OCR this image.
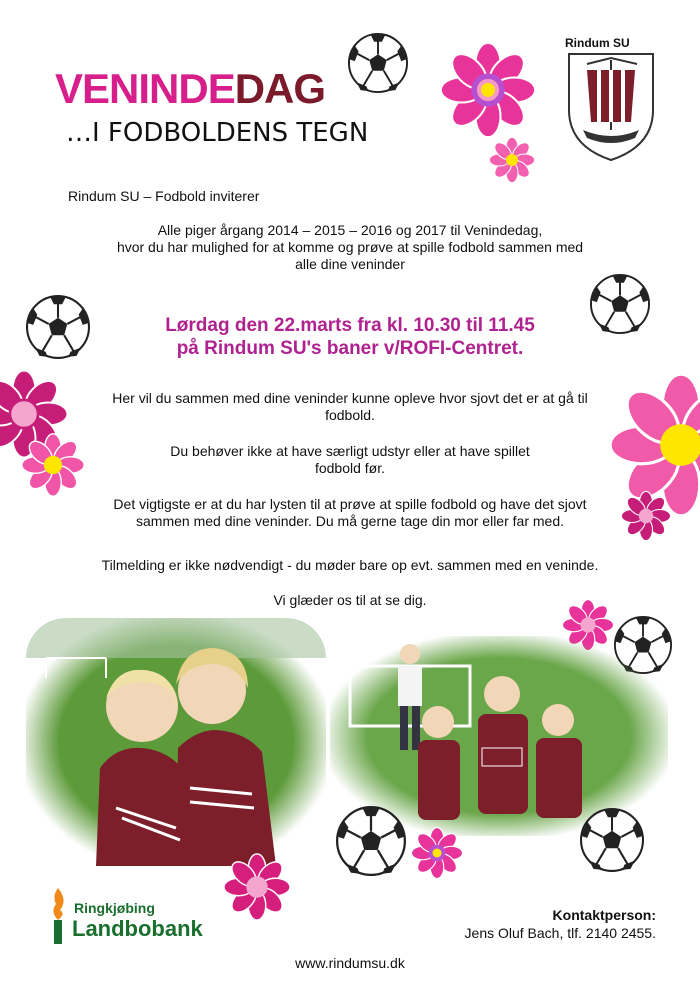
VENINDEDAG
…I FODBOLDENS TEGN
Rindum SU
Rindum SU – Fodbold inviterer

Alle piger årgang 2014 – 2015 – 2016 og 2017 til Venindedag,
hvor du har mulighed for at komme og prøve at spille fodbold sammen med
alle dine veninder

Lørdag den 22.marts fra kl. 10.30 til 11.45
på Rindum SU's baner v/ROFI-Centret.

Her vil du sammen med dine veninder kunne opleve hvor sjovt det er at gå til
fodbold.

Du behøver ikke at have særligt udstyr eller at have spillet
fodbold før.

Det vigtigste er at du har lysten til at prøve at spille fodbold og have det sjovt
sammen med dine veninder. Du må gerne tage din mor eller far med.

Tilmelding er ikke nødvendigt - du møder bare op evt. sammen med en veninde.

Vi glæder os til at se dig.

Ringkjøbing
Landbobank
Kontaktperson:
Jens Oluf Bach, tlf. 2140 2455.
www.rindumsu.dk
